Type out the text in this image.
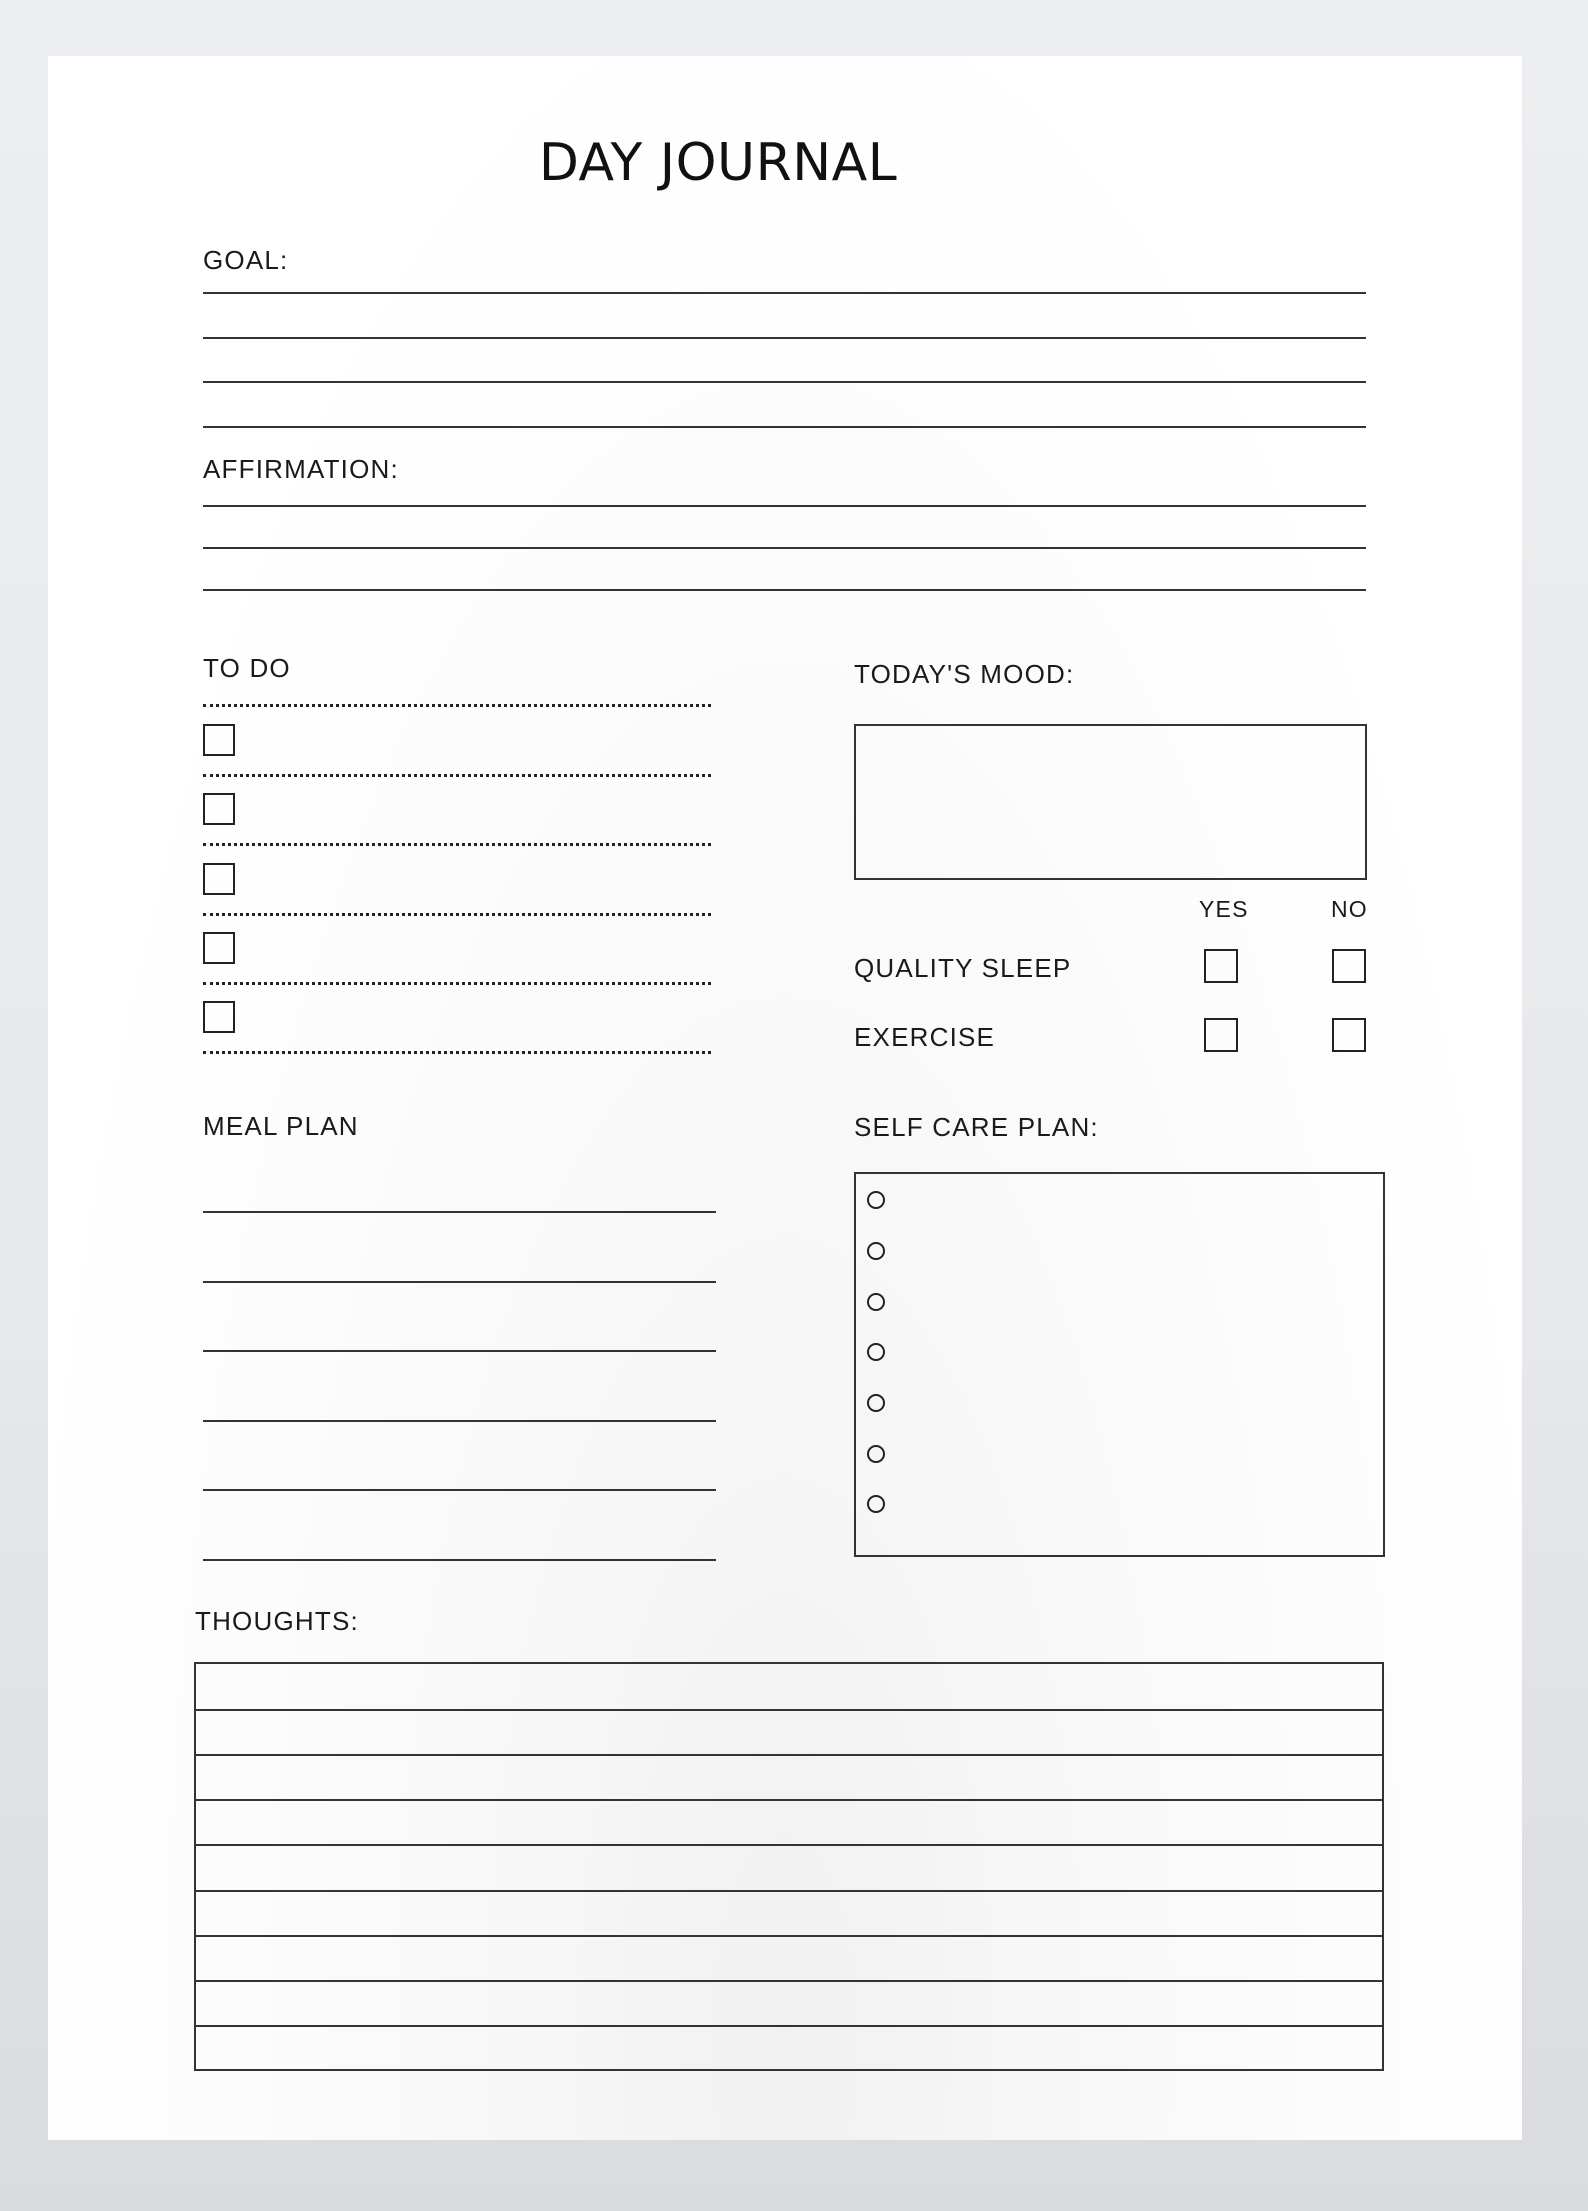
DAY JOURNAL
GOAL:
AFFIRMATION:
TO DO	TODAY'S MOOD:
YES	NO
QUALITY SLEEP
EXERCISE
MEAL PLAN	SELF CARE PLAN:
THOUGHTS:
